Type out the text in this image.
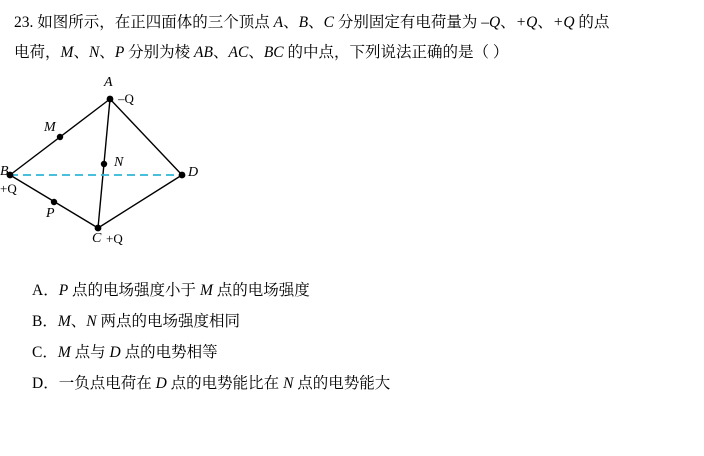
23. 如图所示，在正四面体的三个顶点 A、B、C 分别固定有电荷量为 –Q、+Q、+Q 的点
电荷，M、N、P 分别为棱 AB、AC、BC 的中点，下列说法正确的是（ ）
A
–Q
B
+Q
C +Q
D
M
N
P
A．P 点的电场强度小于 M 点的电场强度
B．M、N 两点的电场强度相同
C．M 点与 D 点的电势相等
D．一负点电荷在 D 点的电势能比在 N 点的电势能大
